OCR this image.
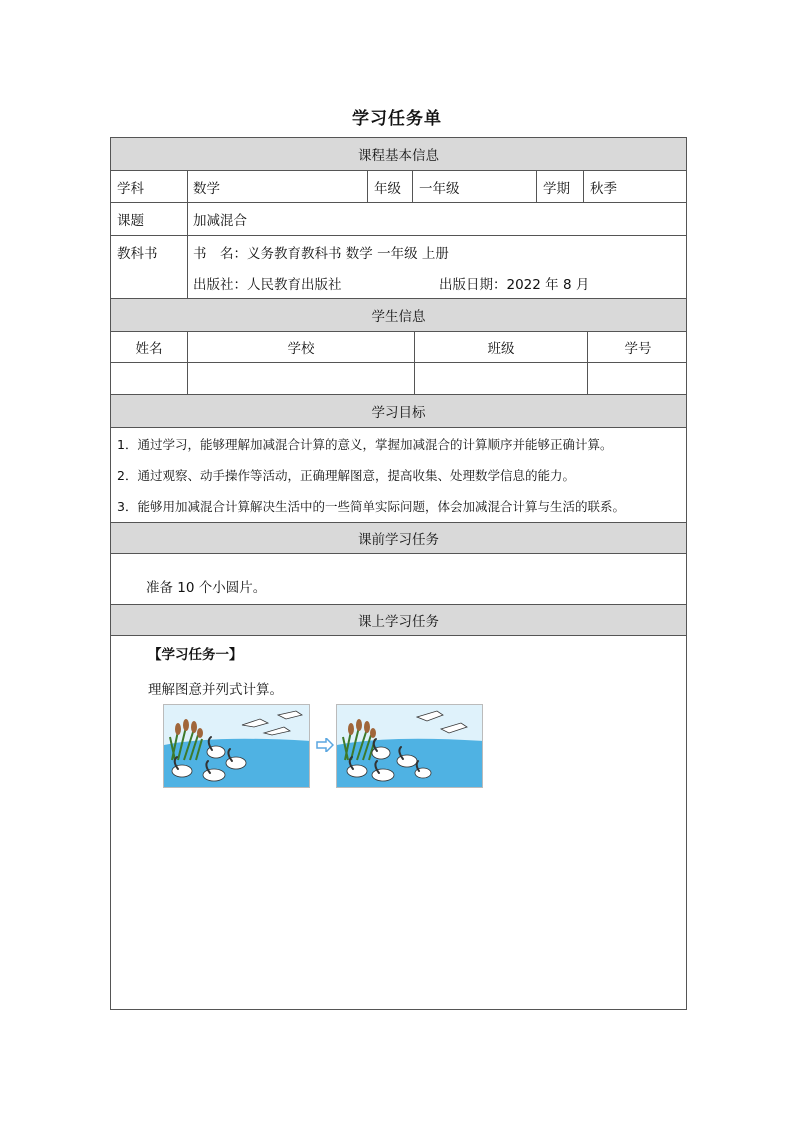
学习任务单
课程基本信息
学科	数学	年级 一年级	学期 秋季
课题	加减混合
教科书	书　名：义务教育教科书 数学 一年级 上册
出版社：人民教育出版社	出版日期：2022 年 8 月
学生信息
姓名	学校	班级	学号
学习目标
1．通过学习，能够理解加减混合计算的意义，掌握加减混合的计算顺序并能够正确计算。
2．通过观察、动手操作等活动，正确理解图意，提高收集、处理数学信息的能力。
3．能够用加减混合计算解决生活中的一些简单实际问题，体会加减混合计算与生活的联系。
课前学习任务
准备 10 个小圆片。
课上学习任务
【学习任务一】
理解图意并列式计算。
